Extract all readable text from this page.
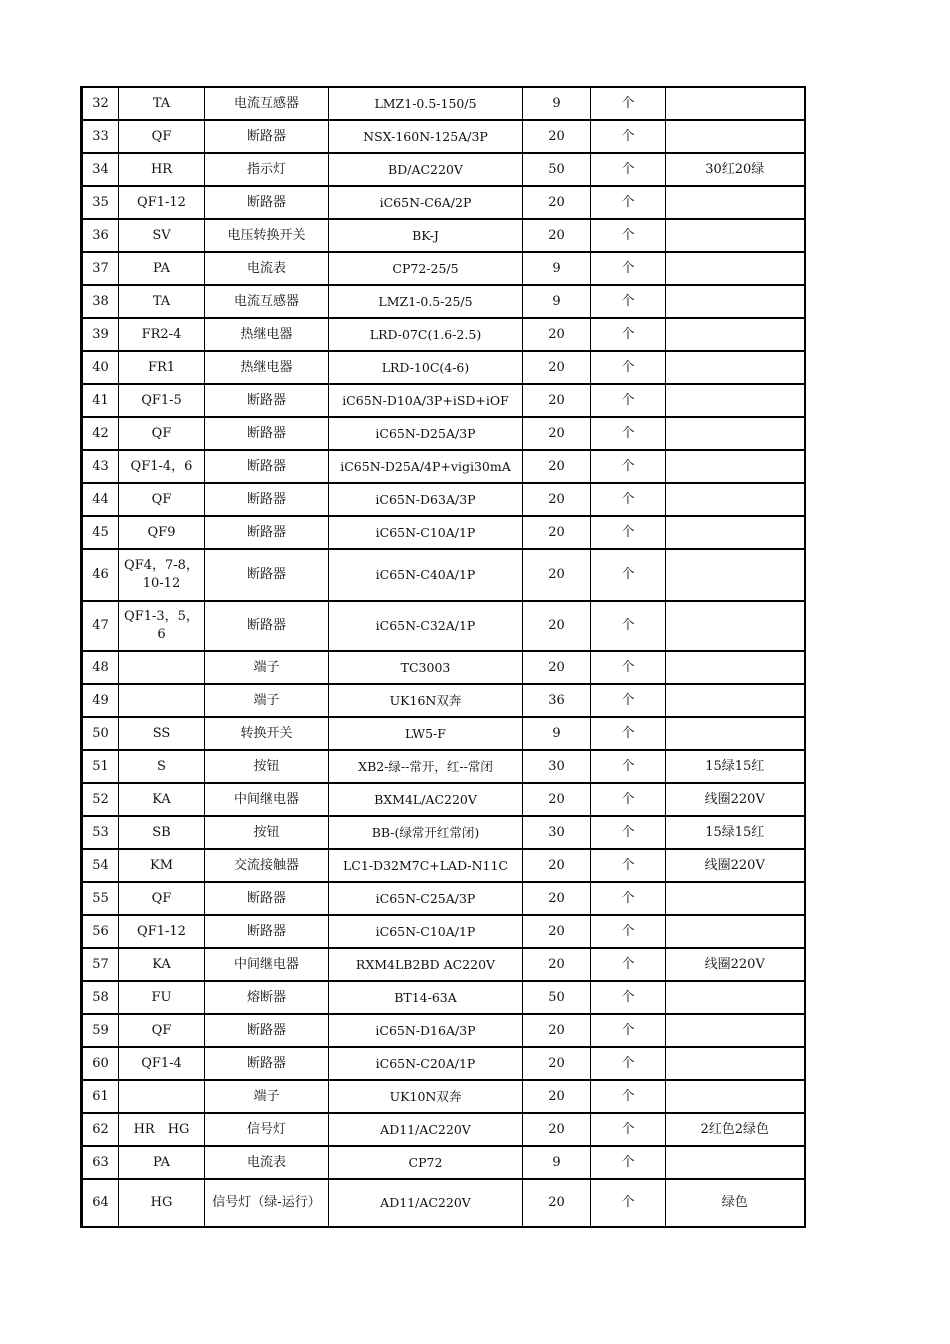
32	TA	电流互感器	LMZ1-0.5-150/5	9	个	
33	QF	断路器	NSX-160N-125A/3P	20	个	
34	HR	指示灯	BD/AC220V	50	个	30红20绿
35	QF1-12	断路器	iC65N-C6A/2P	20	个	
36	SV	电压转换开关	BK-J	20	个	
37	PA	电流表	CP72-25/5	9	个	
38	TA	电流互感器	LMZ1-0.5-25/5	9	个	
39	FR2-4	热继电器	LRD-07C(1.6-2.5)	20	个	
40	FR1	热继电器	LRD-10C(4-6)	20	个	
41	QF1-5	断路器	iC65N-D10A/3P+iSD+iOF	20	个	
42	QF	断路器	iC65N-D25A/3P	20	个	
43	QF1-4，6	断路器	iC65N-D25A/4P+vigi30mA	20	个	
44	QF	断路器	iC65N-D63A/3P	20	个	
45	QF9	断路器	iC65N-C10A/1P	20	个	
46	QF4，7-8，10-12	断路器	iC65N-C40A/1P	20	个	
47	QF1-3，5，6	断路器	iC65N-C32A/1P	20	个	
48		端子	TC3003	20	个	
49		端子	UK16N双奔	36	个	
50	SS	转换开关	LW5-F	9	个	
51	S	按钮	XB2-绿--常开，红--常闭	30	个	15绿15红
52	KA	中间继电器	BXM4L/AC220V	20	个	线圈220V
53	SB	按钮	BB-(绿常开红常闭)	30	个	15绿15红
54	KM	交流接触器	LC1-D32M7C+LAD-N11C	20	个	线圈220V
55	QF	断路器	iC65N-C25A/3P	20	个	
56	QF1-12	断路器	iC65N-C10A/1P	20	个	
57	KA	中间继电器	RXM4LB2BD AC220V	20	个	线圈220V
58	FU	熔断器	BT14-63A	50	个	
59	QF	断路器	iC65N-D16A/3P	20	个	
60	QF1-4	断路器	iC65N-C20A/1P	20	个	
61		端子	UK10N双奔	20	个	
62	HR　HG	信号灯	AD11/AC220V	20	个	2红色2绿色
63	PA	电流表	CP72	9	个	
64	HG	信号灯（绿-运行）	AD11/AC220V	20	个	绿色
